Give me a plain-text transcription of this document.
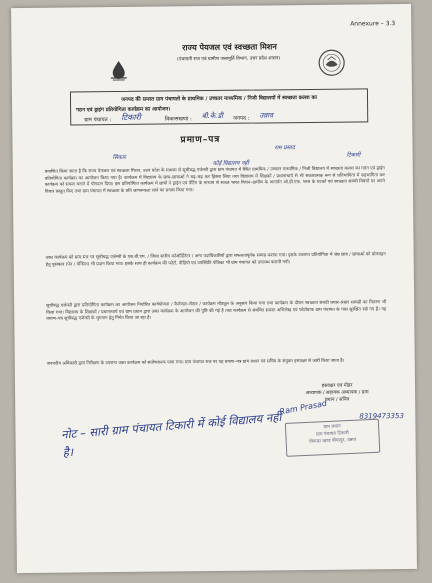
Annexure – 3.3
राज्य पेयजल एवं स्वच्छता मिशन
(पंचायती राज एवं ग्रामीण जलापूर्ति विभाग, उत्तर प्रदेश शासन)
जनपद की समस्त ग्राम पंचायतों के प्राथमिक / उच्चतर माध्यमिक / निजी विद्यालयों में स्वच्छता कलश का
गठन एवं ड्राइंग प्रतियोगिता कार्यक्रम का आयोजन।
ग्राम पंचायत : टिकारी	विकासखण्ड : बी.के.डी जनपद : उन्नाव
प्रमाण–पत्र
राम प्रसाद
सिकार	टिकारी
कोई विद्यालय नहीं
प्रमाणित किया जाता है कि राज्य पेयजल एवं स्वच्छता मिशन, उत्तर प्रदेश के माध्यम से सूचीबद्ध एजेन्सी द्वारा ग्राम पंचायत में स्थित प्राथमिक / उच्चतर माध्यमिक / निजी विद्यालय में स्वच्छता कलश का गठन एवं ड्राइंग प्रतियोगिता कार्यक्रम का आयोजन किया गया है। कार्यक्रम में विद्यालय के छात्र–छात्राओं ने बढ़–चढ़ कर हिस्सा लिया तथा विद्यालय में शिक्षकों / प्रधानाचार्य से भी सकारात्मक रूप से प्रतिभागिता में सहभागिता कर कार्यक्रम को सफल बनाने में योगदान दिया। इस प्रतियोगिता कार्यक्रम में छात्रों ने ड्राइंग एवं पेंटिंग के माध्यम से स्वच्छ भारत मिशन–ग्रामीण के अन्तर्गत ओ.डी.एफ. प्लस के घटकों एवं स्वच्छता संबंधी विषयों पर अपने विचार प्रस्तुत किए तथा ग्राम पंचायत में स्वच्छता के प्रति जागरूकता लाने का प्रयास किया गया।
उक्त कार्यक्रम को ग्राम स्तर पर सूचीबद्ध एजेन्सी के एस.बी.एम. / जिला स्तरीय कोऑर्डिनेटर / अन्य पदाधिकारियों द्वारा सफलतापूर्वक सम्पन्न कराया गया। इसके उपरान्त प्रतियोगिता में श्रेष्ठ छात्र / छात्राओं को प्रोत्साहन हेतु पुरस्कार (पेन / पेन्सिल) भी प्रदान किया गया। इसके साथ ही कार्यक्रम की फोटो, वीडियो एवं उपस्थिति पंजिका भी ग्राम पंचायत को उपलब्ध करायी गयी।
सूचीबद्ध एजेन्सी द्वारा प्रतियोगिता कार्यक्रम का आयोजन निर्धारित कार्ययोजना / कैलेण्डर–रोस्टर / कार्यक्रम मॉड्यूल के अनुसार किया गया तथा कार्यक्रम के दौरान स्वच्छता संबंधी प्रचार–प्रसार सामग्री का वितरण भी किया गया। विद्यालय के शिक्षकों / प्रधानाचार्य एवं ग्राम प्रधान द्वारा उक्त कार्यक्रम के आयोजन की पुष्टि की गई है तथा कार्यक्रम से संबंधित समस्त अभिलेख एवं फोटोग्राफ ग्राम पंचायत के पास सुरक्षित रखे गए हैं। यह प्रमाण–पत्र सूचीबद्ध एजेन्सी के भुगतान हेतु निर्गत किया जा रहा है।
जनपदीय अधिकारी द्वारा निरीक्षण के उपरान्त उक्त कार्यक्रम को संतोषजनक पाया गया। ग्राम पंचायत स्तर पर यह प्रमाण–पत्र ग्राम प्रधान एवं सचिव के संयुक्त हस्ताक्षर से जारी किया जाता है।
हस्ताक्षर एवं मोहर
अध्यापक / सहायक अध्यापक / ग्राम
प्रधान / सचिव
Ram Prasad	8319473353
ग्राम प्रधान
ग्राम पंचायत टिकारी
विकास खण्ड बीघापुर, उन्नाव
नोट – सारी ग्राम पंचायत टिकारी में कोई विद्यालय नहीं है।
